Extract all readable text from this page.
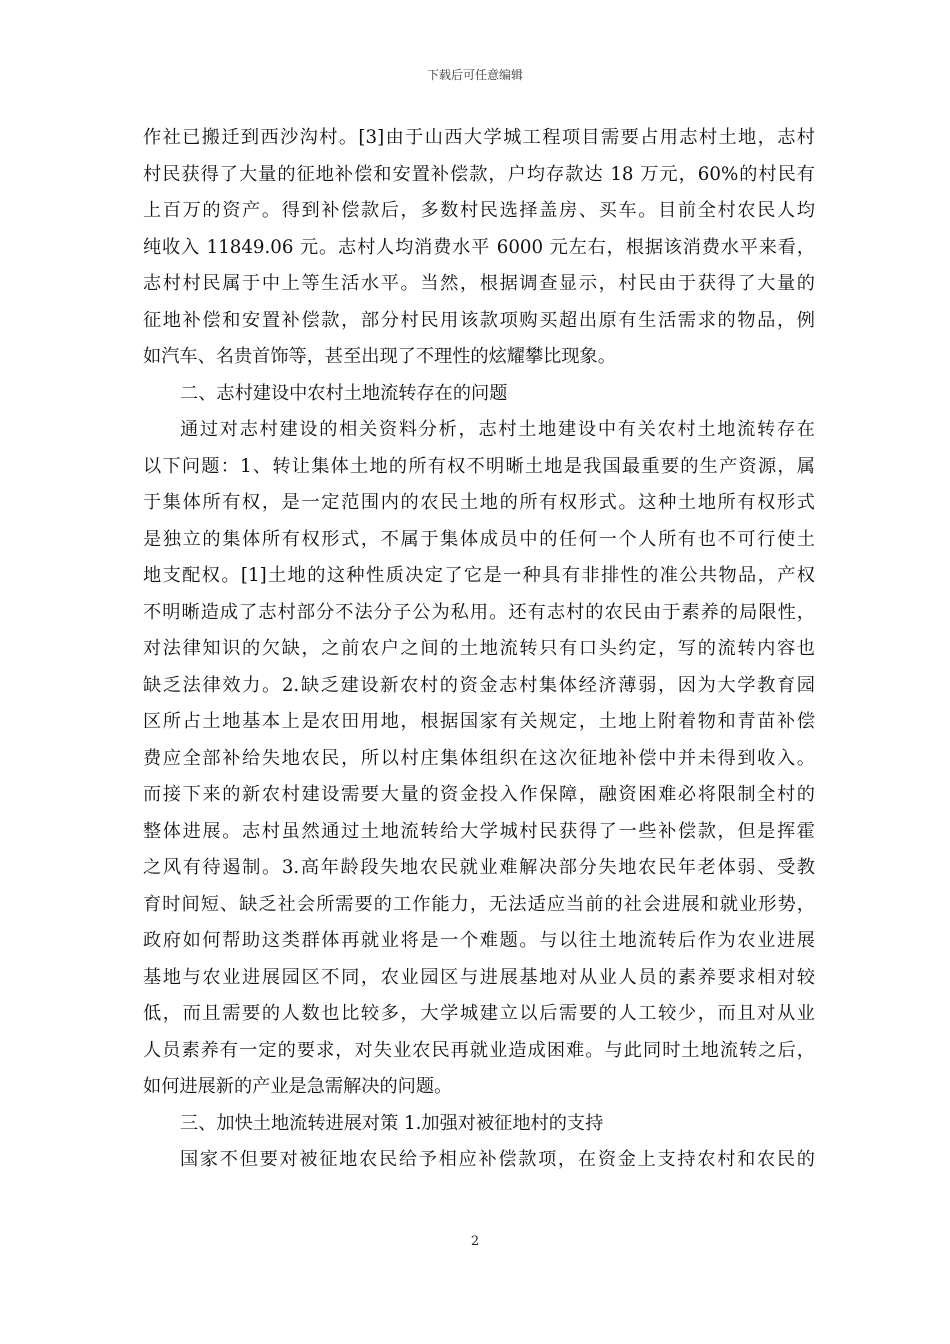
下载后可任意编辑
作社已搬迁到西沙沟村。[3]由于山西大学城工程项目需要占用志村土地，志村
村民获得了大量的征地补偿和安置补偿款，户均存款达 18 万元，60%的村民有
上百万的资产。得到补偿款后，多数村民选择盖房、买车。目前全村农民人均
纯收入 11849.06 元。志村人均消费水平 6000 元左右，根据该消费水平来看，
志村村民属于中上等生活水平。当然，根据调查显示，村民由于获得了大量的
征地补偿和安置补偿款，部分村民用该款项购买超出原有生活需求的物品，例
如汽车、名贵首饰等，甚至出现了不理性的炫耀攀比现象。
二、志村建设中农村土地流转存在的问题
通过对志村建设的相关资料分析，志村土地建设中有关农村土地流转存在
以下问题：1、转让集体土地的所有权不明晰土地是我国最重要的生产资源，属
于集体所有权，是一定范围内的农民土地的所有权形式。这种土地所有权形式
是独立的集体所有权形式，不属于集体成员中的任何一个人所有也不可行使土
地支配权。[1]土地的这种性质决定了它是一种具有非排性的准公共物品，产权
不明晰造成了志村部分不法分子公为私用。还有志村的农民由于素养的局限性，
对法律知识的欠缺，之前农户之间的土地流转只有口头约定，写的流转内容也
缺乏法律效力。2.缺乏建设新农村的资金志村集体经济薄弱，因为大学教育园
区所占土地基本上是农田用地，根据国家有关规定，土地上附着物和青苗补偿
费应全部补给失地农民，所以村庄集体组织在这次征地补偿中并未得到收入。
而接下来的新农村建设需要大量的资金投入作保障，融资困难必将限制全村的
整体进展。志村虽然通过土地流转给大学城村民获得了一些补偿款，但是挥霍
之风有待遏制。3.高年龄段失地农民就业难解决部分失地农民年老体弱、受教
育时间短、缺乏社会所需要的工作能力，无法适应当前的社会进展和就业形势，
政府如何帮助这类群体再就业将是一个难题。与以往土地流转后作为农业进展
基地与农业进展园区不同，农业园区与进展基地对从业人员的素养要求相对较
低，而且需要的人数也比较多，大学城建立以后需要的人工较少，而且对从业
人员素养有一定的要求，对失业农民再就业造成困难。与此同时土地流转之后，
如何进展新的产业是急需解决的问题。
三、加快土地流转进展对策 1.加强对被征地村的支持
国家不但要对被征地农民给予相应补偿款项，在资金上支持农村和农民的
2
